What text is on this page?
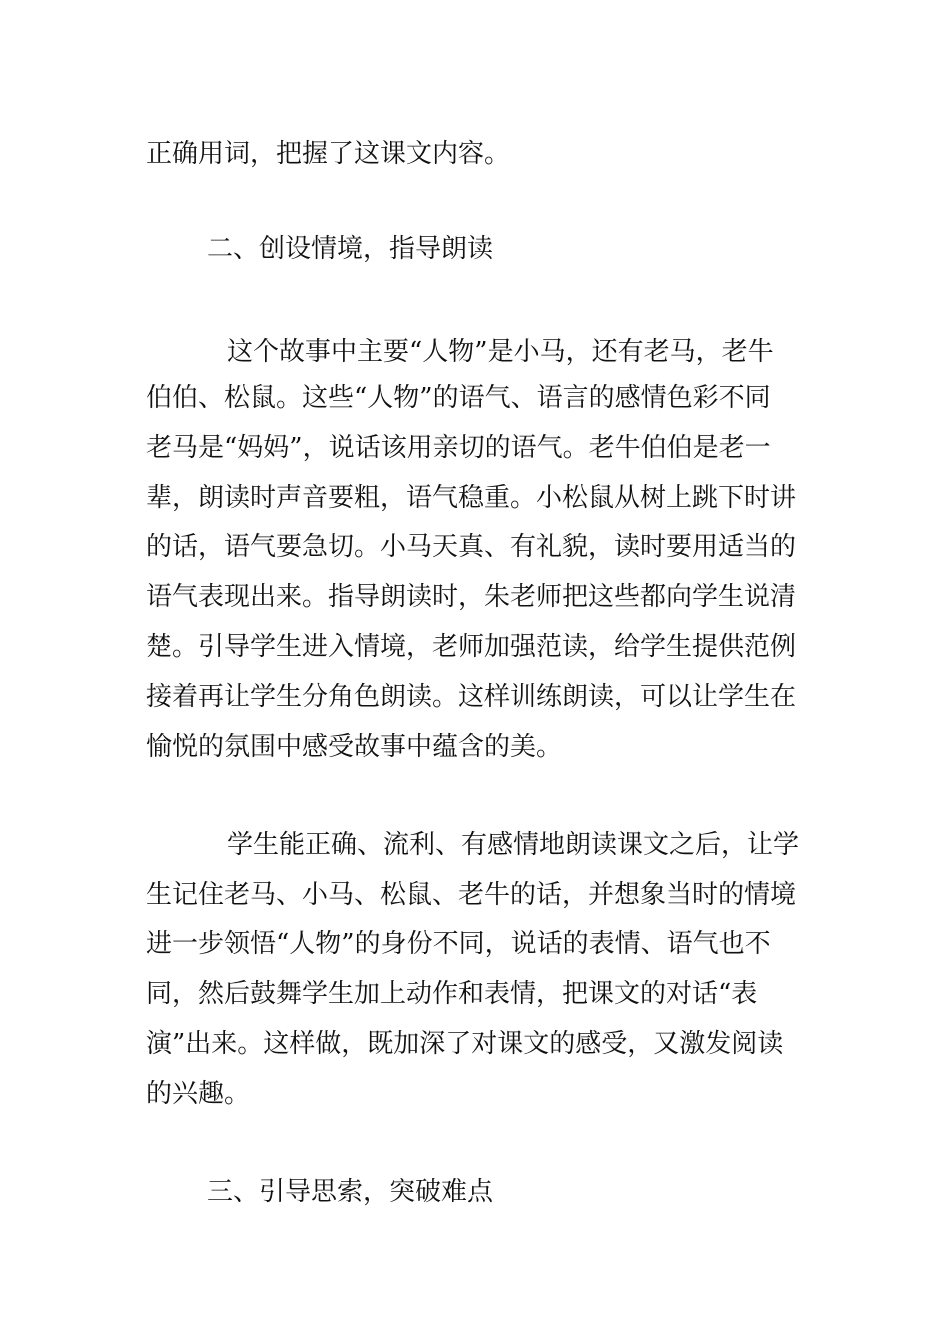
正确用词，把握了这课文内容。
二、创设情境，指导朗读
这个故事中主要“人物”是小马，还有老马，老牛
伯伯、松鼠。这些“人物”的语气、语言的感情色彩不同
老马是“妈妈”，说话该用亲切的语气。老牛伯伯是老一
辈，朗读时声音要粗，语气稳重。小松鼠从树上跳下时讲
的话，语气要急切。小马天真、有礼貌，读时要用适当的
语气表现出来。指导朗读时，朱老师把这些都向学生说清
楚。引导学生进入情境，老师加强范读，给学生提供范例
接着再让学生分角色朗读。这样训练朗读，可以让学生在
愉悦的氛围中感受故事中蕴含的美。
学生能正确、流利、有感情地朗读课文之后，让学
生记住老马、小马、松鼠、老牛的话，并想象当时的情境
进一步领悟“人物”的身份不同，说话的表情、语气也不
同，然后鼓舞学生加上动作和表情，把课文的对话“表
演”出来。这样做，既加深了对课文的感受，又激发阅读
的兴趣。
三、引导思索，突破难点
